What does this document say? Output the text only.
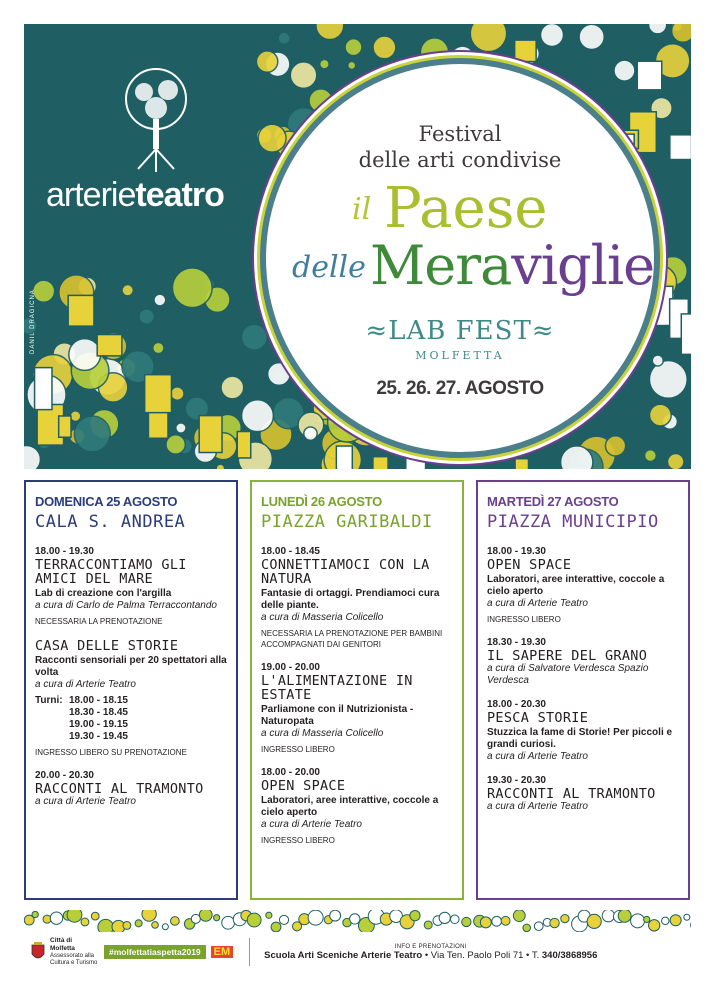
arterieteatro
DANIL DRAGICNA
Festival
delle arti condivise
il Paese
delle Meraviglie
≈LAB FEST≈
MOLFETTA
25. 26. 27. AGOSTO
DOMENICA 25 AGOSTO
CALA S. ANDREA
18.00 - 19.30
TERRACCONTIAMO GLI AMICI DEL MARE
Lab di creazione con l'argilla
a cura di Carlo de Palma Terraccontando
NECESSARIA LA PRENOTAZIONE
CASA DELLE STORIE
Racconti sensoriali per 20 spettatori alla volta
a cura di Arterie Teatro
Turni: 18.00 - 18.15
18.30 - 18.45
19.00 - 19.15
19.30 - 19.45
INGRESSO LIBERO SU PRENOTAZIONE
20.00 - 20.30
RACCONTI AL TRAMONTO
a cura di Arterie Teatro
LUNEDÌ 26 AGOSTO
PIAZZA GARIBALDI
18.00 - 18.45
CONNETTIAMOCI CON LA NATURA
Fantasie di ortaggi. Prendiamoci cura delle piante.
a cura di Masseria Colicello
NECESSARIA LA PRENOTAZIONE PER BAMBINI ACCOMPAGNATI DAI GENITORI
19.00 - 20.00
L'ALIMENTAZIONE IN ESTATE
Parliamone con il Nutrizionista - Naturopata
a cura di Masseria Colicello
INGRESSO LIBERO
18.00 - 20.00
OPEN SPACE
Laboratori, aree interattive, coccole a cielo aperto
a cura di Arterie Teatro
INGRESSO LIBERO
MARTEDÌ 27 AGOSTO
PIAZZA MUNICIPIO
18.00 - 19.30
OPEN SPACE
Laboratori, aree interattive, coccole a cielo aperto
a cura di Arterie Teatro
INGRESSO LIBERO
18.30 - 19.30
IL SAPERE DEL GRANO
a cura di Salvatore Verdesca Spazio Verdesca
18.00 - 20.30
PESCA STORIE
Stuzzica la fame di Storie! Per piccoli e grandi curiosi.
a cura di Arterie Teatro
19.30 - 20.30
RACCONTI AL TRAMONTO
a cura di Arterie Teatro
Città di Molfetta
Assessorato alla Cultura e Turismo
#molfettatiaspetta2019	EM	INFO E PRENOTAZIONI
Scuola Arti Sceniche Arterie Teatro • Via Ten. Paolo Poli 71 • T. 340/3868956
